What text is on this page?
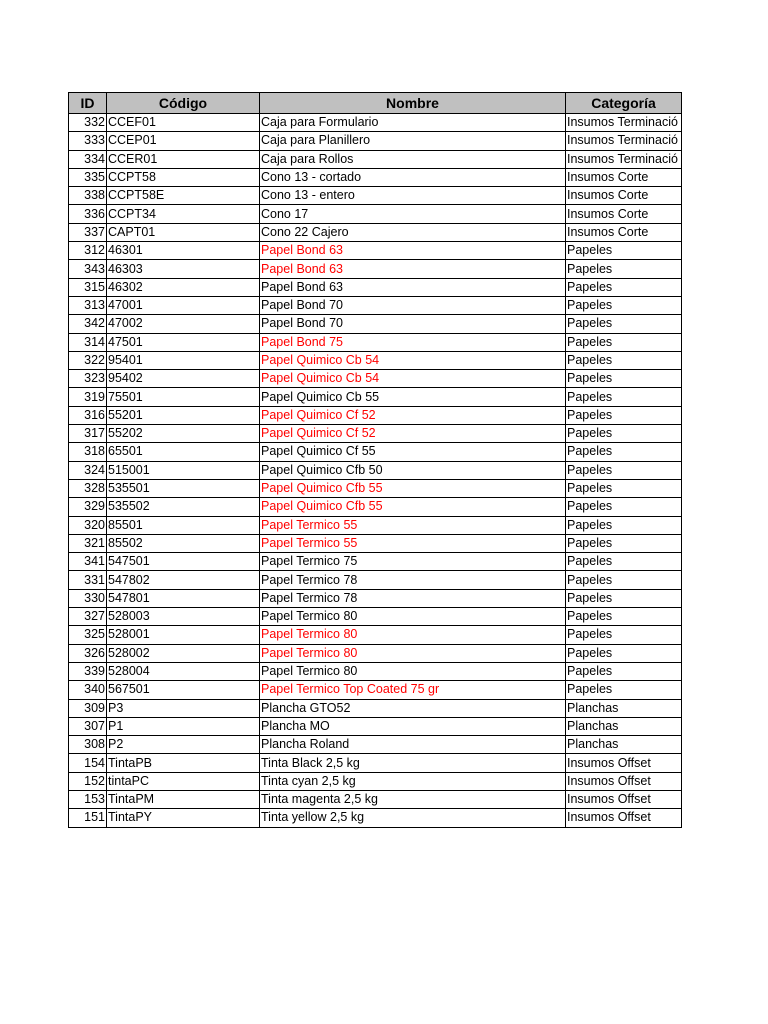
ID	Código	Nombre	Categoría
332	CCEF01	Caja para Formulario	Insumos Terminació
333	CCEP01	Caja para Planillero	Insumos Terminació
334	CCER01	Caja para Rollos	Insumos Terminació
335	CCPT58	Cono 13 - cortado	Insumos Corte
338	CCPT58E	Cono 13 - entero	Insumos Corte
336	CCPT34	Cono 17	Insumos Corte
337	CAPT01	Cono 22 Cajero	Insumos Corte
312	46301	Papel Bond 63	Papeles
343	46303	Papel Bond 63	Papeles
315	46302	Papel Bond 63	Papeles
313	47001	Papel Bond 70	Papeles
342	47002	Papel Bond 70	Papeles
314	47501	Papel Bond 75	Papeles
322	95401	Papel Quimico Cb 54	Papeles
323	95402	Papel Quimico Cb 54	Papeles
319	75501	Papel Quimico Cb 55	Papeles
316	55201	Papel Quimico Cf 52	Papeles
317	55202	Papel Quimico Cf 52	Papeles
318	65501	Papel Quimico Cf 55	Papeles
324	515001	Papel Quimico Cfb 50	Papeles
328	535501	Papel Quimico Cfb 55	Papeles
329	535502	Papel Quimico Cfb 55	Papeles
320	85501	Papel Termico 55	Papeles
321	85502	Papel Termico 55	Papeles
341	547501	Papel Termico 75	Papeles
331	547802	Papel Termico 78	Papeles
330	547801	Papel Termico 78	Papeles
327	528003	Papel Termico 80	Papeles
325	528001	Papel Termico 80	Papeles
326	528002	Papel Termico 80	Papeles
339	528004	Papel Termico 80	Papeles
340	567501	Papel Termico Top Coated 75 gr	Papeles
309	P3	Plancha GTO52	Planchas
307	P1	Plancha MO	Planchas
308	P2	Plancha Roland	Planchas
154	TintaPB	Tinta Black 2,5 kg	Insumos Offset
152	tintaPC	Tinta cyan 2,5 kg	Insumos Offset
153	TintaPM	Tinta magenta 2,5 kg	Insumos Offset
151	TintaPY	Tinta yellow 2,5 kg	Insumos Offset
